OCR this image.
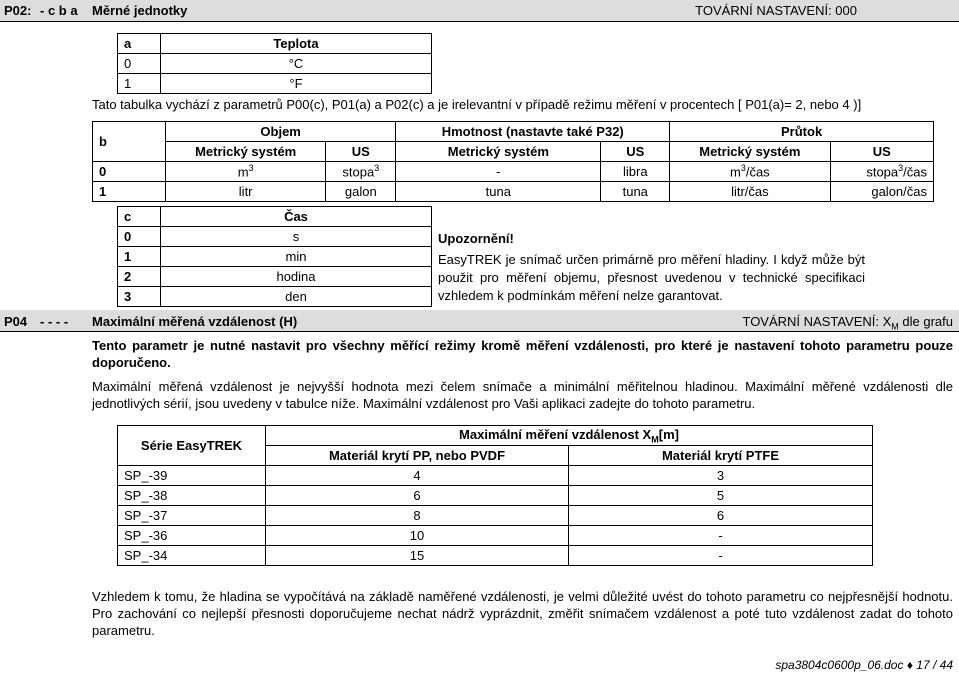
P02: - c b a Měrné jednotky	TOVÁRNÍ NASTAVENÍ: 000
a	Teplota
0	°C
1	°F
Tato tabulka vychází z parametrů P00(c), P01(a) a P02(c) a je irelevantní v případě režimu měření v procentech [ P01(a)= 2, nebo 4 )]
b	Objem		Hmotnost (nastavte také P32)		Průtok	
	Metrický systém	US	Metrický systém	US	Metrický systém	US
0	$m^3$	stopa$^3$	-	libra	$m^3$/čas	stopa$^3$/čas
1	litr	galon	tuna	tuna	litr/čas	galon/čas
c	Čas
0	s
1	min
2	hodina
3	den
Upozornění!
EasyTREK je snímač určen primárně pro měření hladiny. I když může být použit pro měření objemu, přesnost uvedenou v technické specifikaci vzhledem k podmínkám měření nelze garantovat.
P04 - - - - Maximální měřená vzdálenost (H)	TOVÁRNÍ NASTAVENÍ: $X_M$ dle grafu
Tento parametr je nutné nastavit pro všechny měřící režimy kromě měření vzdálenosti, pro které je nastavení tohoto parametru pouze doporučeno.
Maximální měřená vzdálenost je nejvyšší hodnota mezi čelem snímače a minimální měřitelnou hladinou. Maximální měřené vzdálenosti dle jednotlivých sérií, jsou uvedeny v tabulce níže. Maximální vzdálenost pro Vaši aplikaci zadejte do tohoto parametru.
Série EasyTREK	Maximální měření vzdálenost $X_M[m]$	
	Materiál krytí PP, nebo PVDF	Materiál krytí PTFE
SP_-39	4	3
SP_-38	6	5
SP_-37	8	6
SP_-36	10	-
SP_-34	15	-
Vzhledem k tomu, že hladina se vypočítává na základě naměřené vzdálenosti, je velmi důležité uvést do tohoto parametru co nejpřesnější hodnotu. Pro zachování co nejlepší přesnosti doporučujeme nechat nádrž vyprázdnit, změřit snímačem vzdálenost a poté tuto vzdálenost zadat do tohoto parametru.
spa3804c0600p_06.doc ♦ 17 / 44
